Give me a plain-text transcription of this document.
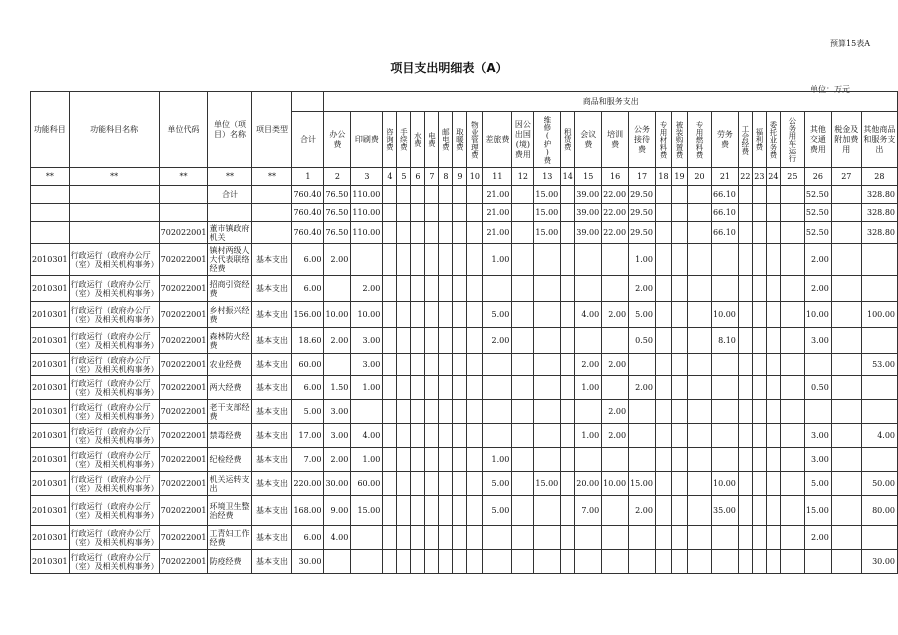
预算15表A
项目支出明细表（A）
单位：万元
功能科目	功能科目名称	单位代码	单位（项目）名称	项目类型		商品和服务支出																										
					合计	办公费	印刷费	咨询费	手续费	水费	电费	邮电费	取暖费	物业管理费	差旅费	因公出国(境)费用	维修(护)费	租赁费	会议费	培训费	公务接待费	专用材料费	被装购置费	专用燃料费	劳务费	工会经费	福利费	委托业务费	公务用车运行	其他交通费用	税金及附加费用	其他商品和服务支出
**	**	**	**	**	1	2	3	4	5	6	7	8	9	10	11	12	13	14	15	16	17	18	19	20	21	22	23	24	25	26	27	28
			合计		760.40	76.50	110.00								21.00		15.00		39.00	22.00	29.50				66.10					52.50		328.80
					760.40	76.50	110.00								21.00		15.00		39.00	22.00	29.50				66.10					52.50		328.80
		702022001	董市镇政府机关		760.40	76.50	110.00								21.00		15.00		39.00	22.00	29.50				66.10					52.50		328.80
2010301	行政运行（政府办公厅（室）及相关机构事务）	702022001	镇村两级人大代表联络经费	基本支出	6.00	2.00									1.00						1.00									2.00		
2010301	行政运行（政府办公厅（室）及相关机构事务）	702022001	招商引资经费	基本支出	6.00		2.00														2.00									2.00		
2010301	行政运行（政府办公厅（室）及相关机构事务）	702022001	乡村振兴经费	基本支出	156.00	10.00	10.00								5.00				4.00	2.00	5.00				10.00					10.00		100.00
2010301	行政运行（政府办公厅（室）及相关机构事务）	702022001	森林防火经费	基本支出	18.60	2.00	3.00								2.00						0.50				8.10					3.00		
2010301	行政运行（政府办公厅（室）及相关机构事务）	702022001	农业经费	基本支出	60.00		3.00												2.00	2.00												53.00
2010301	行政运行（政府办公厅（室）及相关机构事务）	702022001	两大经费	基本支出	6.00	1.50	1.00												1.00		2.00									0.50		
2010301	行政运行（政府办公厅（室）及相关机构事务）	702022001	老干支部经费	基本支出	5.00	3.00														2.00												
2010301	行政运行（政府办公厅（室）及相关机构事务）	702022001	禁毒经费	基本支出	17.00	3.00	4.00												1.00	2.00										3.00		4.00
2010301	行政运行（政府办公厅（室）及相关机构事务）	702022001	纪检经费	基本支出	7.00	2.00	1.00								1.00															3.00		
2010301	行政运行（政府办公厅（室）及相关机构事务）	702022001	机关运转支出	基本支出	220.00	30.00	60.00								5.00		15.00		20.00	10.00	15.00				10.00					5.00		50.00
2010301	行政运行（政府办公厅（室）及相关机构事务）	702022001	环境卫生整治经费	基本支出	168.00	9.00	15.00								5.00				7.00		2.00				35.00					15.00		80.00
2010301	行政运行（政府办公厅（室）及相关机构事务）	702022001	工青妇工作经费	基本支出	6.00	4.00																								2.00		
2010301	行政运行（政府办公厅（室）及相关机构事务）	702022001	防疫经费	基本支出	30.00																											30.00
